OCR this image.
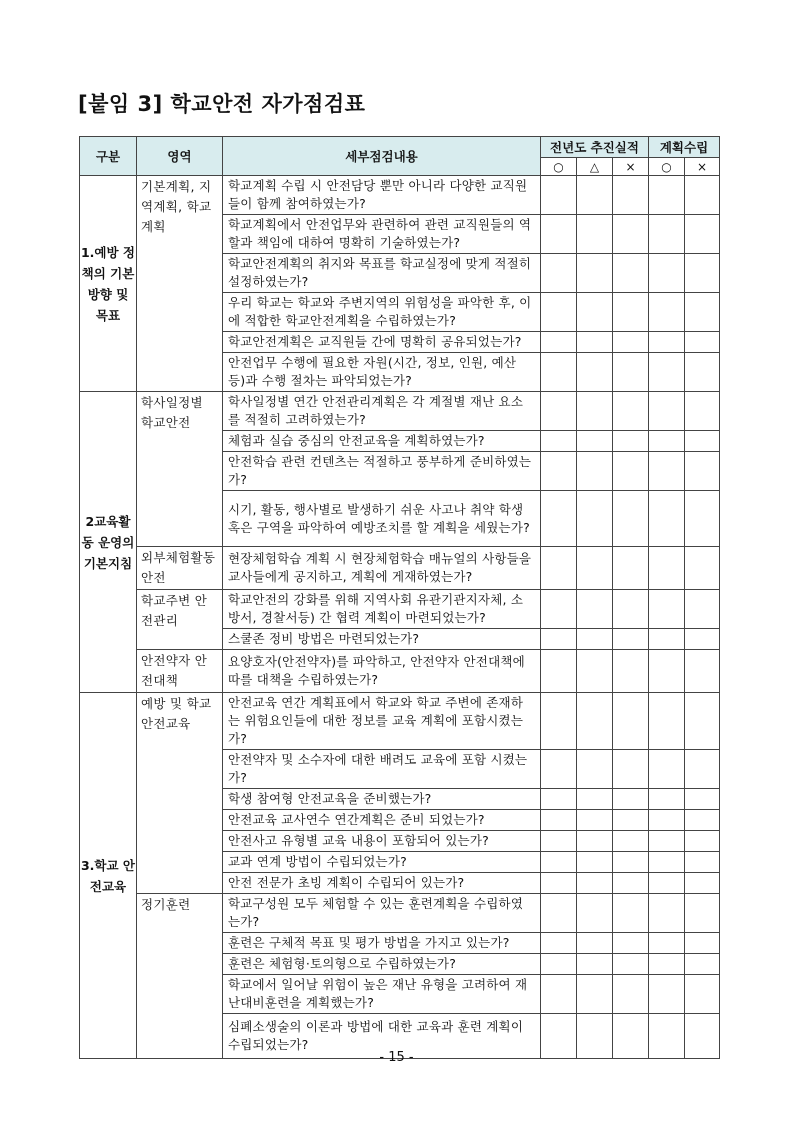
[붙임 3] 학교안전 자가점검표
구분	영역	세부점검내용	전년도 추진실적			계획수립	
			○	△	×	○	×
1.예방 정책의 기본방향 및 목표	기본계획, 지역계획, 학교계획	학교계획 수립 시 안전담당 뿐만 아니라 다양한 교직원들이 함께 참여하였는가?					
		학교계획에서 안전업무와 관련하여 관련 교직원들의 역할과 책임에 대하여 명확히 기술하였는가?					
		학교안전계획의 취지와 목표를 학교실정에 맞게 적절히 설정하였는가?					
		우리 학교는 학교와 주변지역의 위험성을 파악한 후, 이에 적합한 학교안전계획을 수립하였는가?					
		학교안전계획은 교직원들 간에 명확히 공유되었는가?					
		안전업무 수행에 필요한 자원(시간, 정보, 인원, 예산 등)과 수행 절차는 파악되었는가?					
2교육활동 운영의 기본지침	학사일정별 학교안전	학사일정별 연간 안전관리계획은 각 계절별 재난 요소를 적절히 고려하였는가?					
		체험과 실습 중심의 안전교육을 계획하였는가?					
		안전학습 관련 컨텐츠는 적절하고 풍부하게 준비하였는가?					
		시기, 활동, 행사별로 발생하기 쉬운 사고나 취약 학생 혹은 구역을 파악하여 예방조치를 할 계획을 세웠는가?					
	외부체험활동 안전	현장체험학습 계획 시 현장체험학습 매뉴얼의 사항들을 교사들에게 공지하고, 계획에 게재하였는가?					
	학교주변 안전관리	학교안전의 강화를 위해 지역사회 유관기관지자체, 소방서, 경찰서등) 간 협력 계획이 마련되었는가?					
		스쿨존 정비 방법은 마련되었는가?					
	안전약자 안전대책	요양호자(안전약자)를 파악하고, 안전약자 안전대책에 따를 대책을 수립하였는가?					
3.학교 안전교육	예방 및 학교안전교육	안전교육 연간 계획표에서 학교와 학교 주변에 존재하는 위험요인들에 대한 정보를 교육 계획에 포함시켰는가?					
		안전약자 및 소수자에 대한 배려도 교육에 포함 시켰는가?					
		학생 참여형 안전교육을 준비했는가?					
		안전교육 교사연수 연간계획은 준비 되었는가?					
		안전사고 유형별 교육 내용이 포함되어 있는가?					
		교과 연계 방법이 수립되었는가?					
		안전 전문가 초빙 계획이 수립되어 있는가?					
	정기훈련	학교구성원 모두 체험할 수 있는 훈련계획을 수립하였는가?					
		훈련은 구체적 목표 및 평가 방법을 가지고 있는가?					
		훈련은 체험형·토의형으로 수립하였는가?					
		학교에서 일어날 위험이 높은 재난 유형을 고려하여 재난대비훈련을 계획했는가?					
		심폐소생술의 이론과 방법에 대한 교육과 훈련 계획이 수립되었는가?					
- 15 -
